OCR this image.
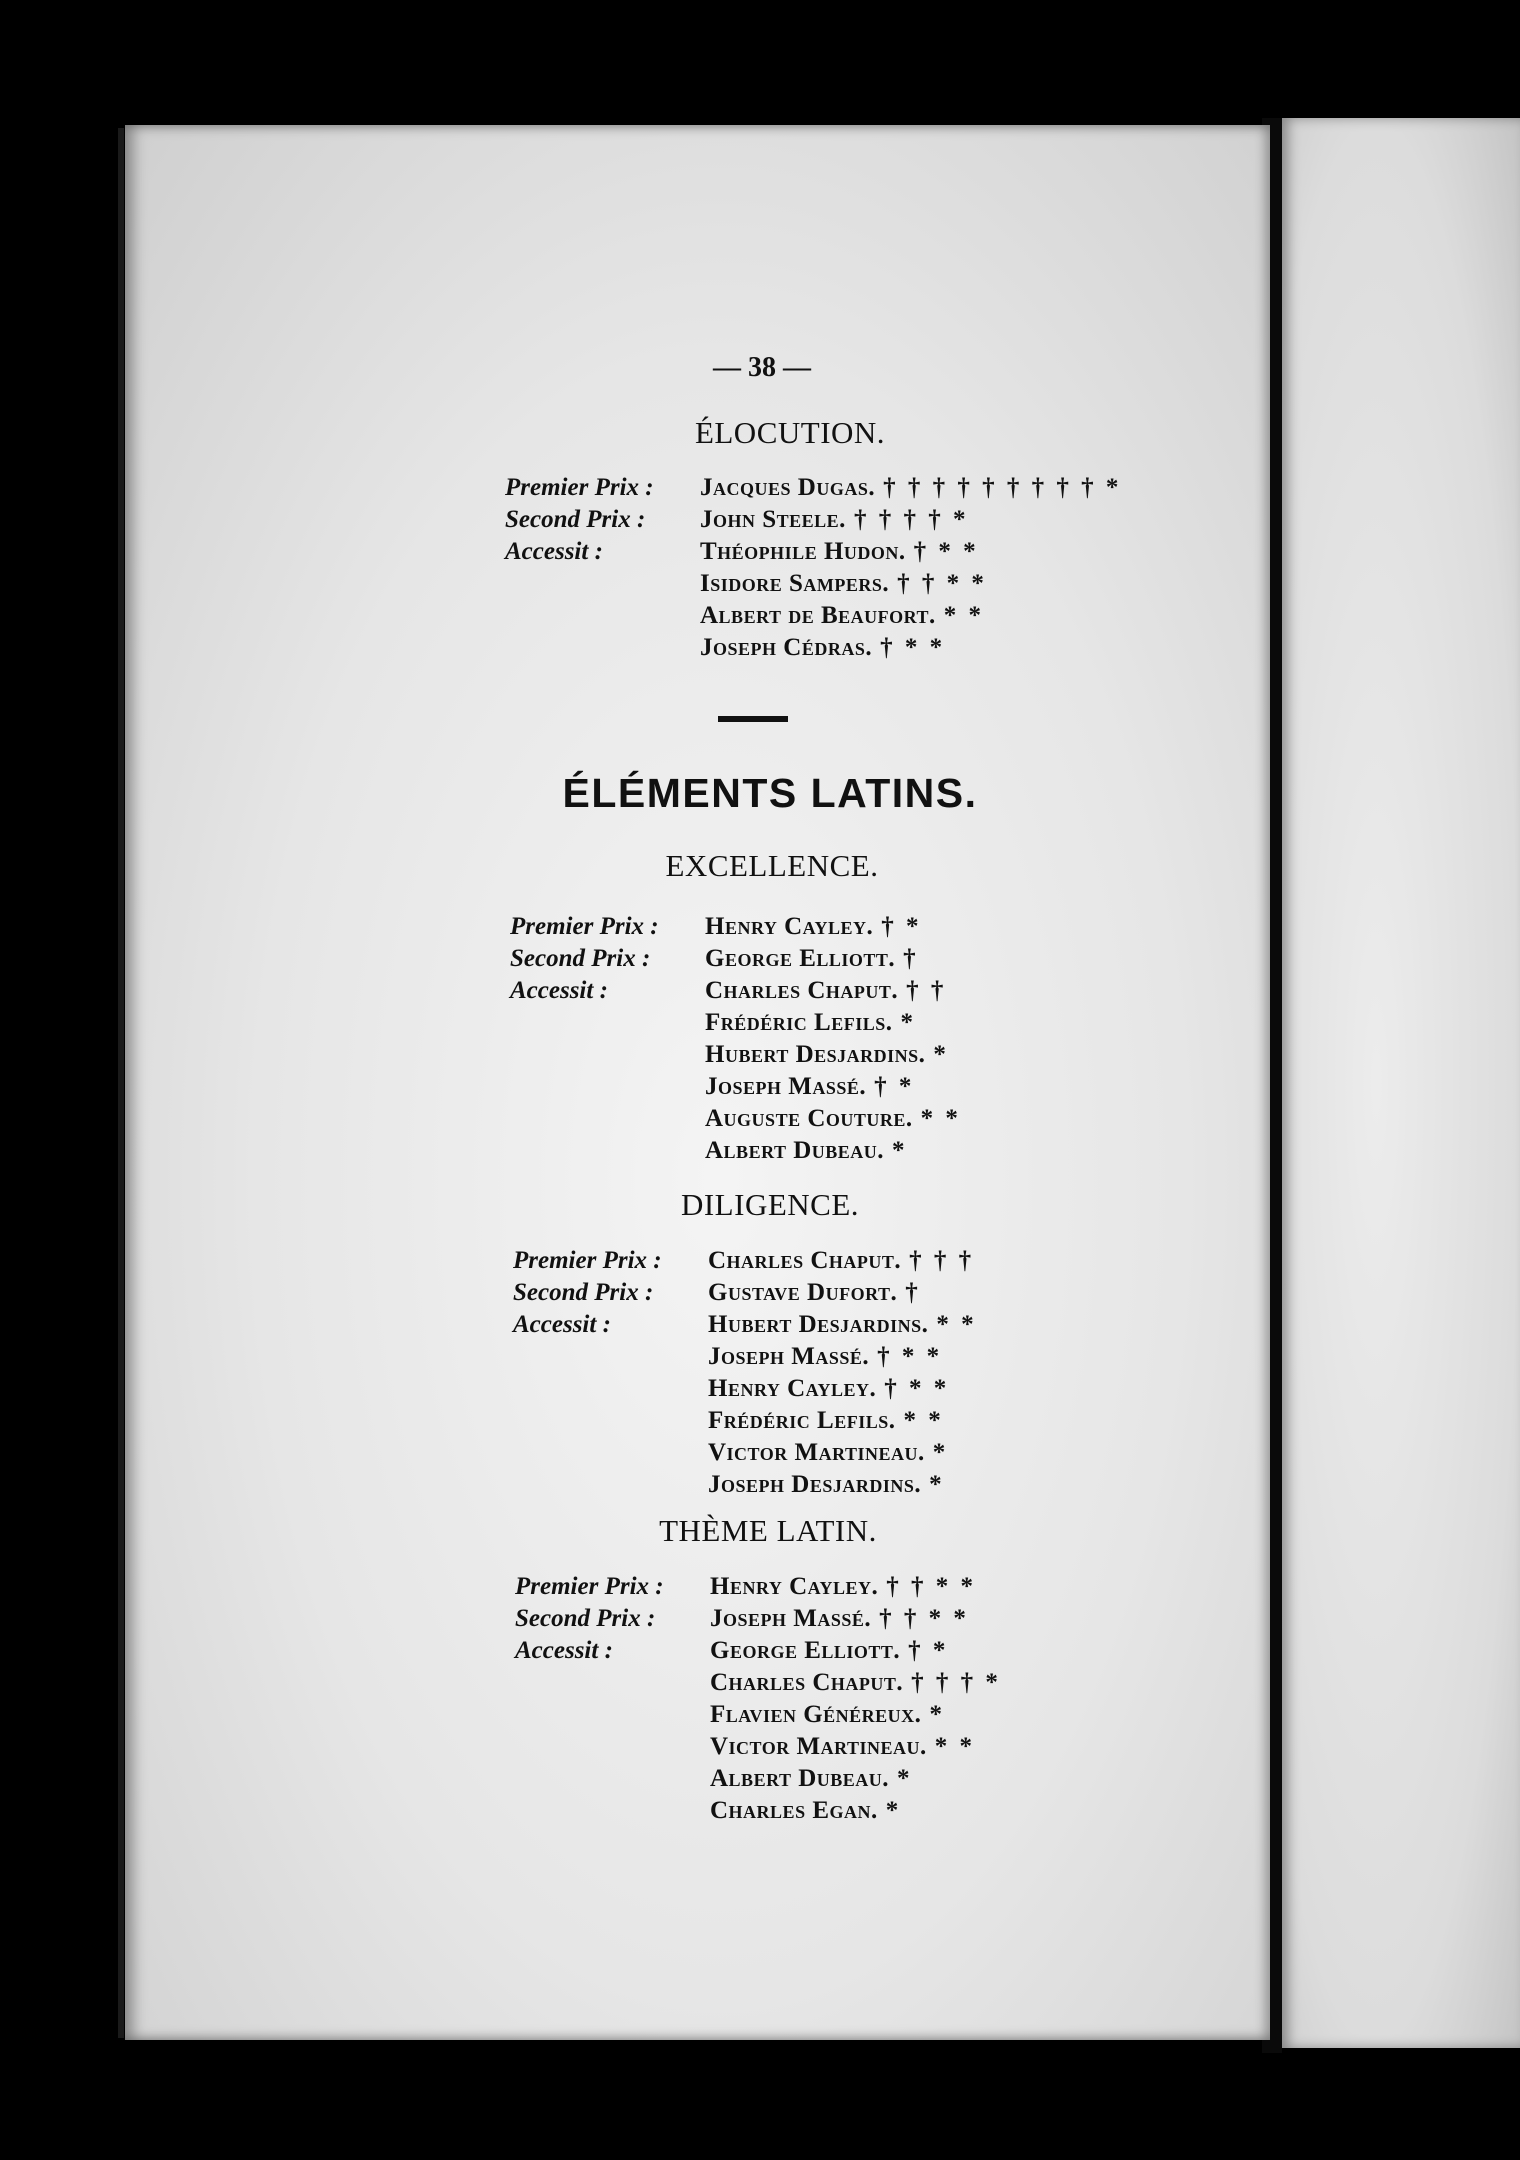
— 38 —
ÉLOCUTION.
Premier Prix :	Jacques Dugas. † † † † † † † † † *
Second Prix :	John Steele. † † † † *
Accessit :	Théophile Hudon. † * *
Isidore Sampers. † † * *
Albert de Beaufort. * *
Joseph Cédras. † * *
ÉLÉMENTS LATINS.
EXCELLENCE.
Premier Prix :	Henry Cayley. † *
Second Prix :	George Elliott. †
Accessit :	Charles Chaput. † †
Frédéric Lefils. *
Hubert Desjardins. *
Joseph Massé. † *
Auguste Couture. * *
Albert Dubeau. *
DILIGENCE.
Premier Prix :	Charles Chaput. † † †
Second Prix :	Gustave Dufort. †
Accessit :	Hubert Desjardins. * *
Joseph Massé. † * *
Henry Cayley. † * *
Frédéric Lefils. * *
Victor Martineau. *
Joseph Desjardins. *
THÈME LATIN.
Premier Prix :	Henry Cayley. † † * *
Second Prix :	Joseph Massé. † † * *
Accessit :	George Elliott. † *
Charles Chaput. † † † *
Flavien Généreux. *
Victor Martineau. * *
Albert Dubeau. *
Charles Egan. *
